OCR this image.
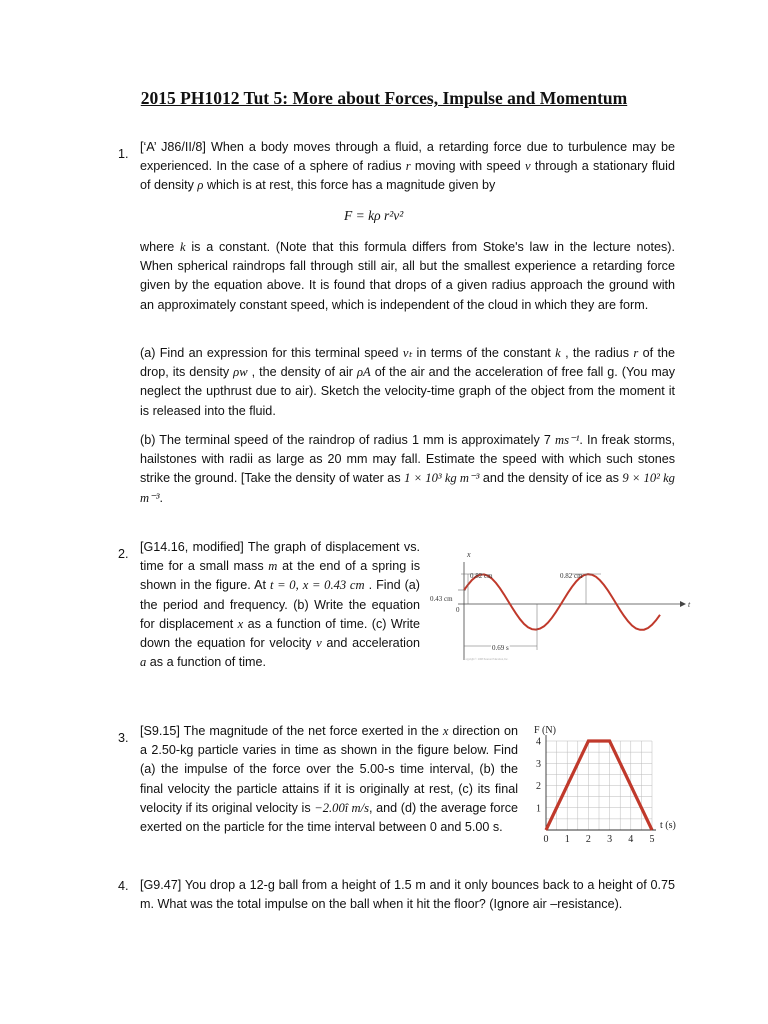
2015 PH1012 Tut 5: More about Forces, Impulse and Momentum
1. [‘A’ J86/II/8] When a body moves through a fluid, a retarding force due to turbulence may be experienced. In the case of a sphere of radius r moving with speed v through a stationary fluid of density ρ which is at rest, this force has a magnitude given by

F = kρ r²v²

where k is a constant. (Note that this formula differs from Stoke's law in the lecture notes). When spherical raindrops fall through still air, all but the smallest experience a retarding force given by the equation above. It is found that drops of a given radius approach the ground with an approximately constant speed, which is independent of the cloud in which they are form.

(a) Find an expression for this terminal speed vₜ in terms of the constant k , the radius r of the drop, its density ρw , the density of air ρA of the air and the acceleration of free fall g. (You may neglect the upthrust due to air). Sketch the velocity-time graph of the object from the moment it is released into the fluid.

(b) The terminal speed of the raindrop of radius 1 mm is approximately 7 ms⁻¹. In freak storms, hailstones with radii as large as 20 mm may fall. Estimate the speed with which such stones strike the ground. [Take the density of water as 1 × 10³ kg m⁻³ and the density of ice as 9 × 10² kg m⁻³.

2. [G14.16, modified] The graph of displacement vs. time for a small mass m at the end of a spring is shown in the figure. At t = 0, x = 0.43 cm . Find (a) the period and frequency. (b) Write the equation for displacement x as a function of time. (c) Write down the equation for velocity v and acceleration a as a function of time.

x
t
0
0.43 cm
0.82 cm	0.82 cm
0.69 s
Copyright © 2008 Pearson Education, Inc.
3. [S9.15] The magnitude of the net force exerted in the x direction on a 2.50-kg particle varies in time as shown in the figure below. Find (a) the impulse of the force over the 5.00-s time interval, (b) the final velocity the particle attains if it is originally at rest, (c) its final velocity if its original velocity is −2.00î m/s, and (d) the average force exerted on the particle for the time interval between 0 and 5.00 s.

0 1 2 3 4 5
1
2
3
4
F (N)
t (s)
4. [G9.47] You drop a 12-g ball from a height of 1.5 m and it only bounces back to a height of 0.75 m. What was the total impulse on the ball when it hit the floor? (Ignore air ‒resistance).
